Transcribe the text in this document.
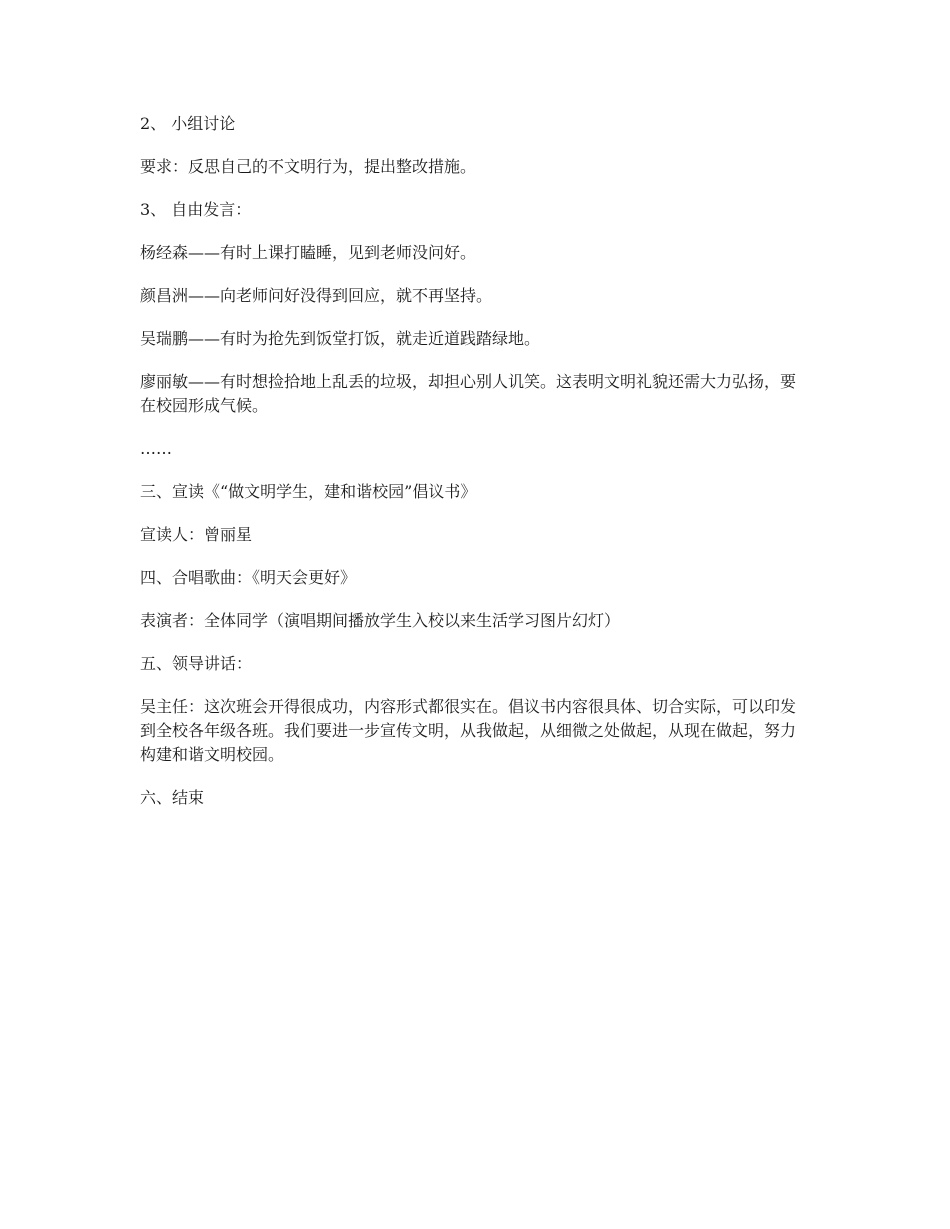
2、 小组讨论

要求：反思自己的不文明行为，提出整改措施。

3、 自由发言：

杨经森——有时上课打瞌睡，见到老师没问好。

颜昌洲——向老师问好没得到回应，就不再坚持。

吴瑞鹏——有时为抢先到饭堂打饭，就走近道践踏绿地。

廖丽敏——有时想捡拾地上乱丢的垃圾，却担心别人讥笑。这表明文明礼貌还需大力弘扬，要在校园形成气候。

……

三、宣读《“做文明学生，建和谐校园”倡议书》

宣读人：曾丽星

四、合唱歌曲：《明天会更好》

表演者：全体同学（演唱期间播放学生入校以来生活学习图片幻灯）

五、领导讲话：

吴主任：这次班会开得很成功，内容形式都很实在。倡议书内容很具体、切合实际，可以印发到全校各年级各班。我们要进一步宣传文明，从我做起，从细微之处做起，从现在做起，努力构建和谐文明校园。

六、结束
